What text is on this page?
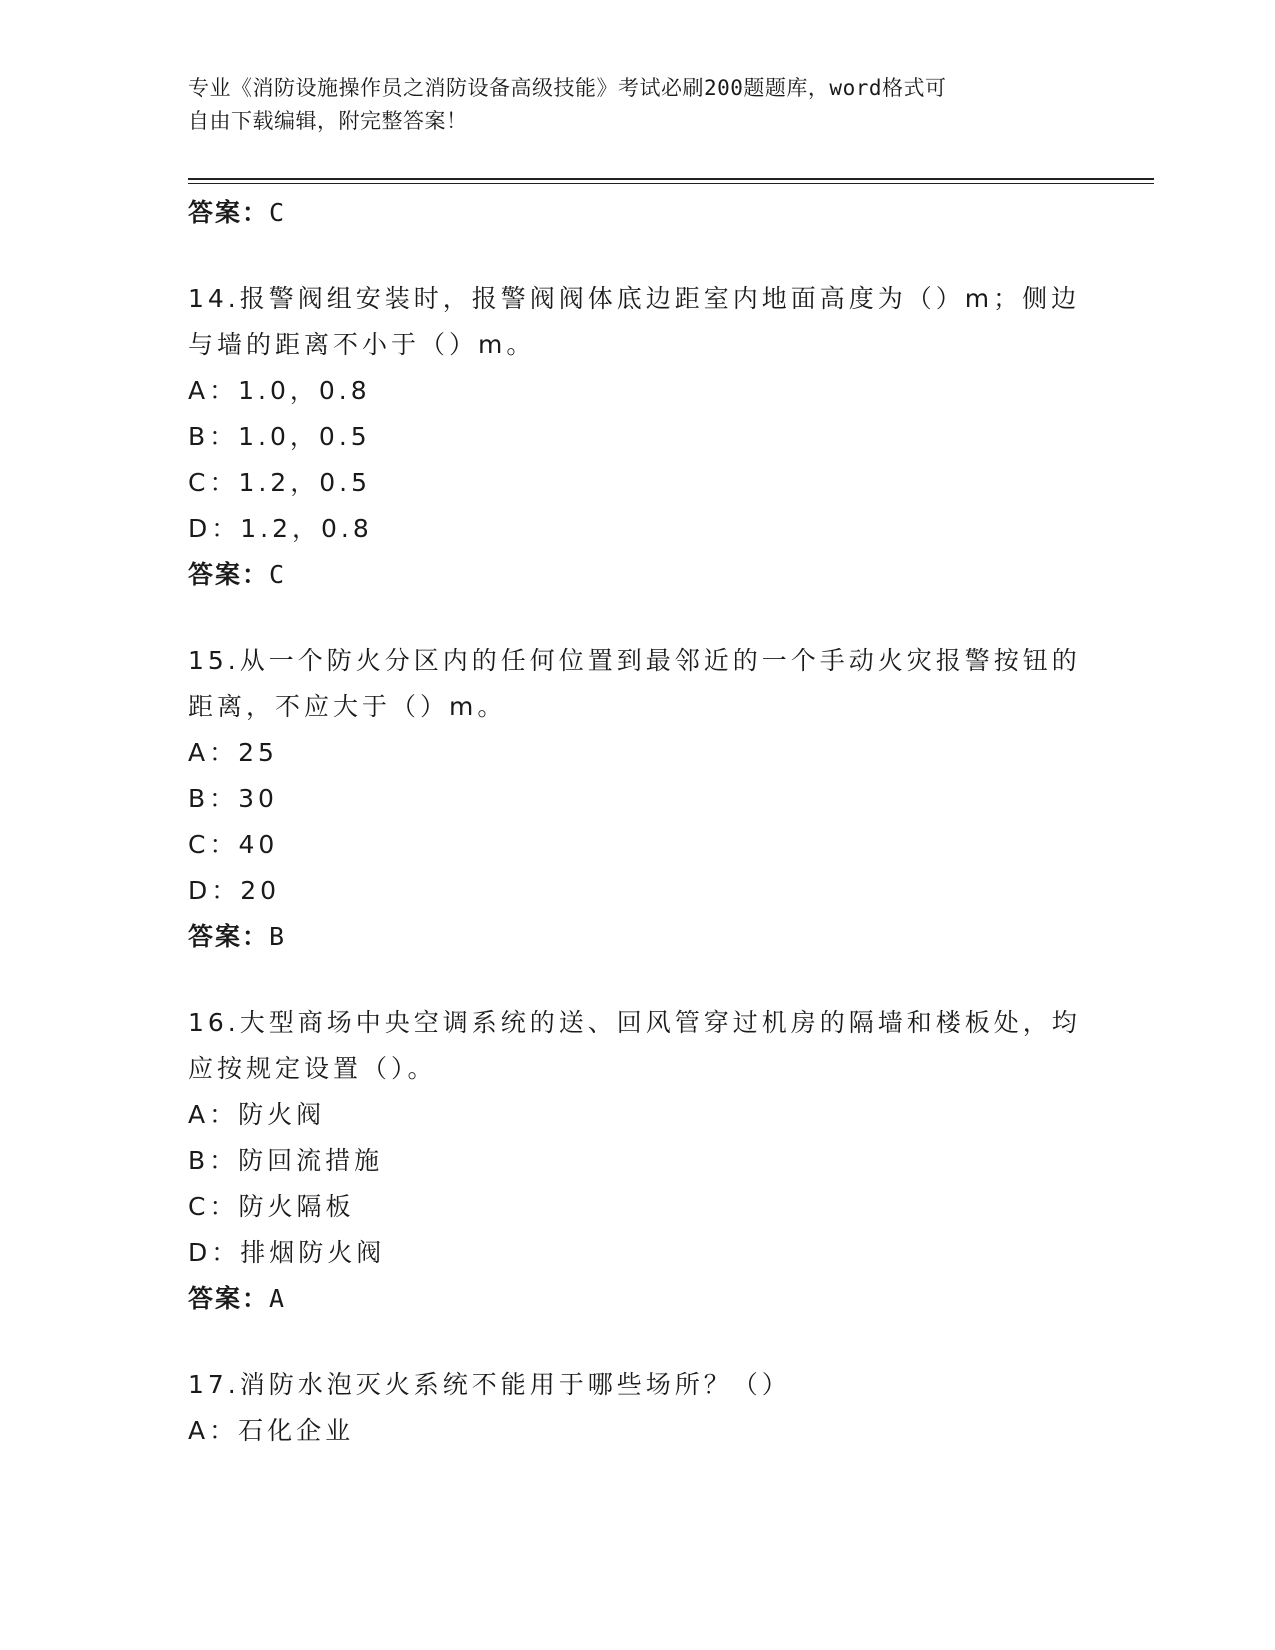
专业《消防设施操作员之消防设备高级技能》考试必刷200题题库，word格式可
自由下载编辑，附完整答案！
答案：C
14.报警阀组安装时，报警阀阀体底边距室内地面高度为（）m；侧边
与墙的距离不小于（）m。
A：1.0，0.8
B：1.0，0.5
C：1.2，0.5
D：1.2，0.8
答案：C
15.从一个防火分区内的任何位置到最邻近的一个手动火灾报警按钮的
距离，不应大于（）m。
A：25
B：30
C：40
D：20
答案：B
16.大型商场中央空调系统的送、回风管穿过机房的隔墙和楼板处，均
应按规定设置（）。
A：防火阀
B：防回流措施
C：防火隔板
D：排烟防火阀
答案：A
17.消防水泡灭火系统不能用于哪些场所？（）
A：石化企业
